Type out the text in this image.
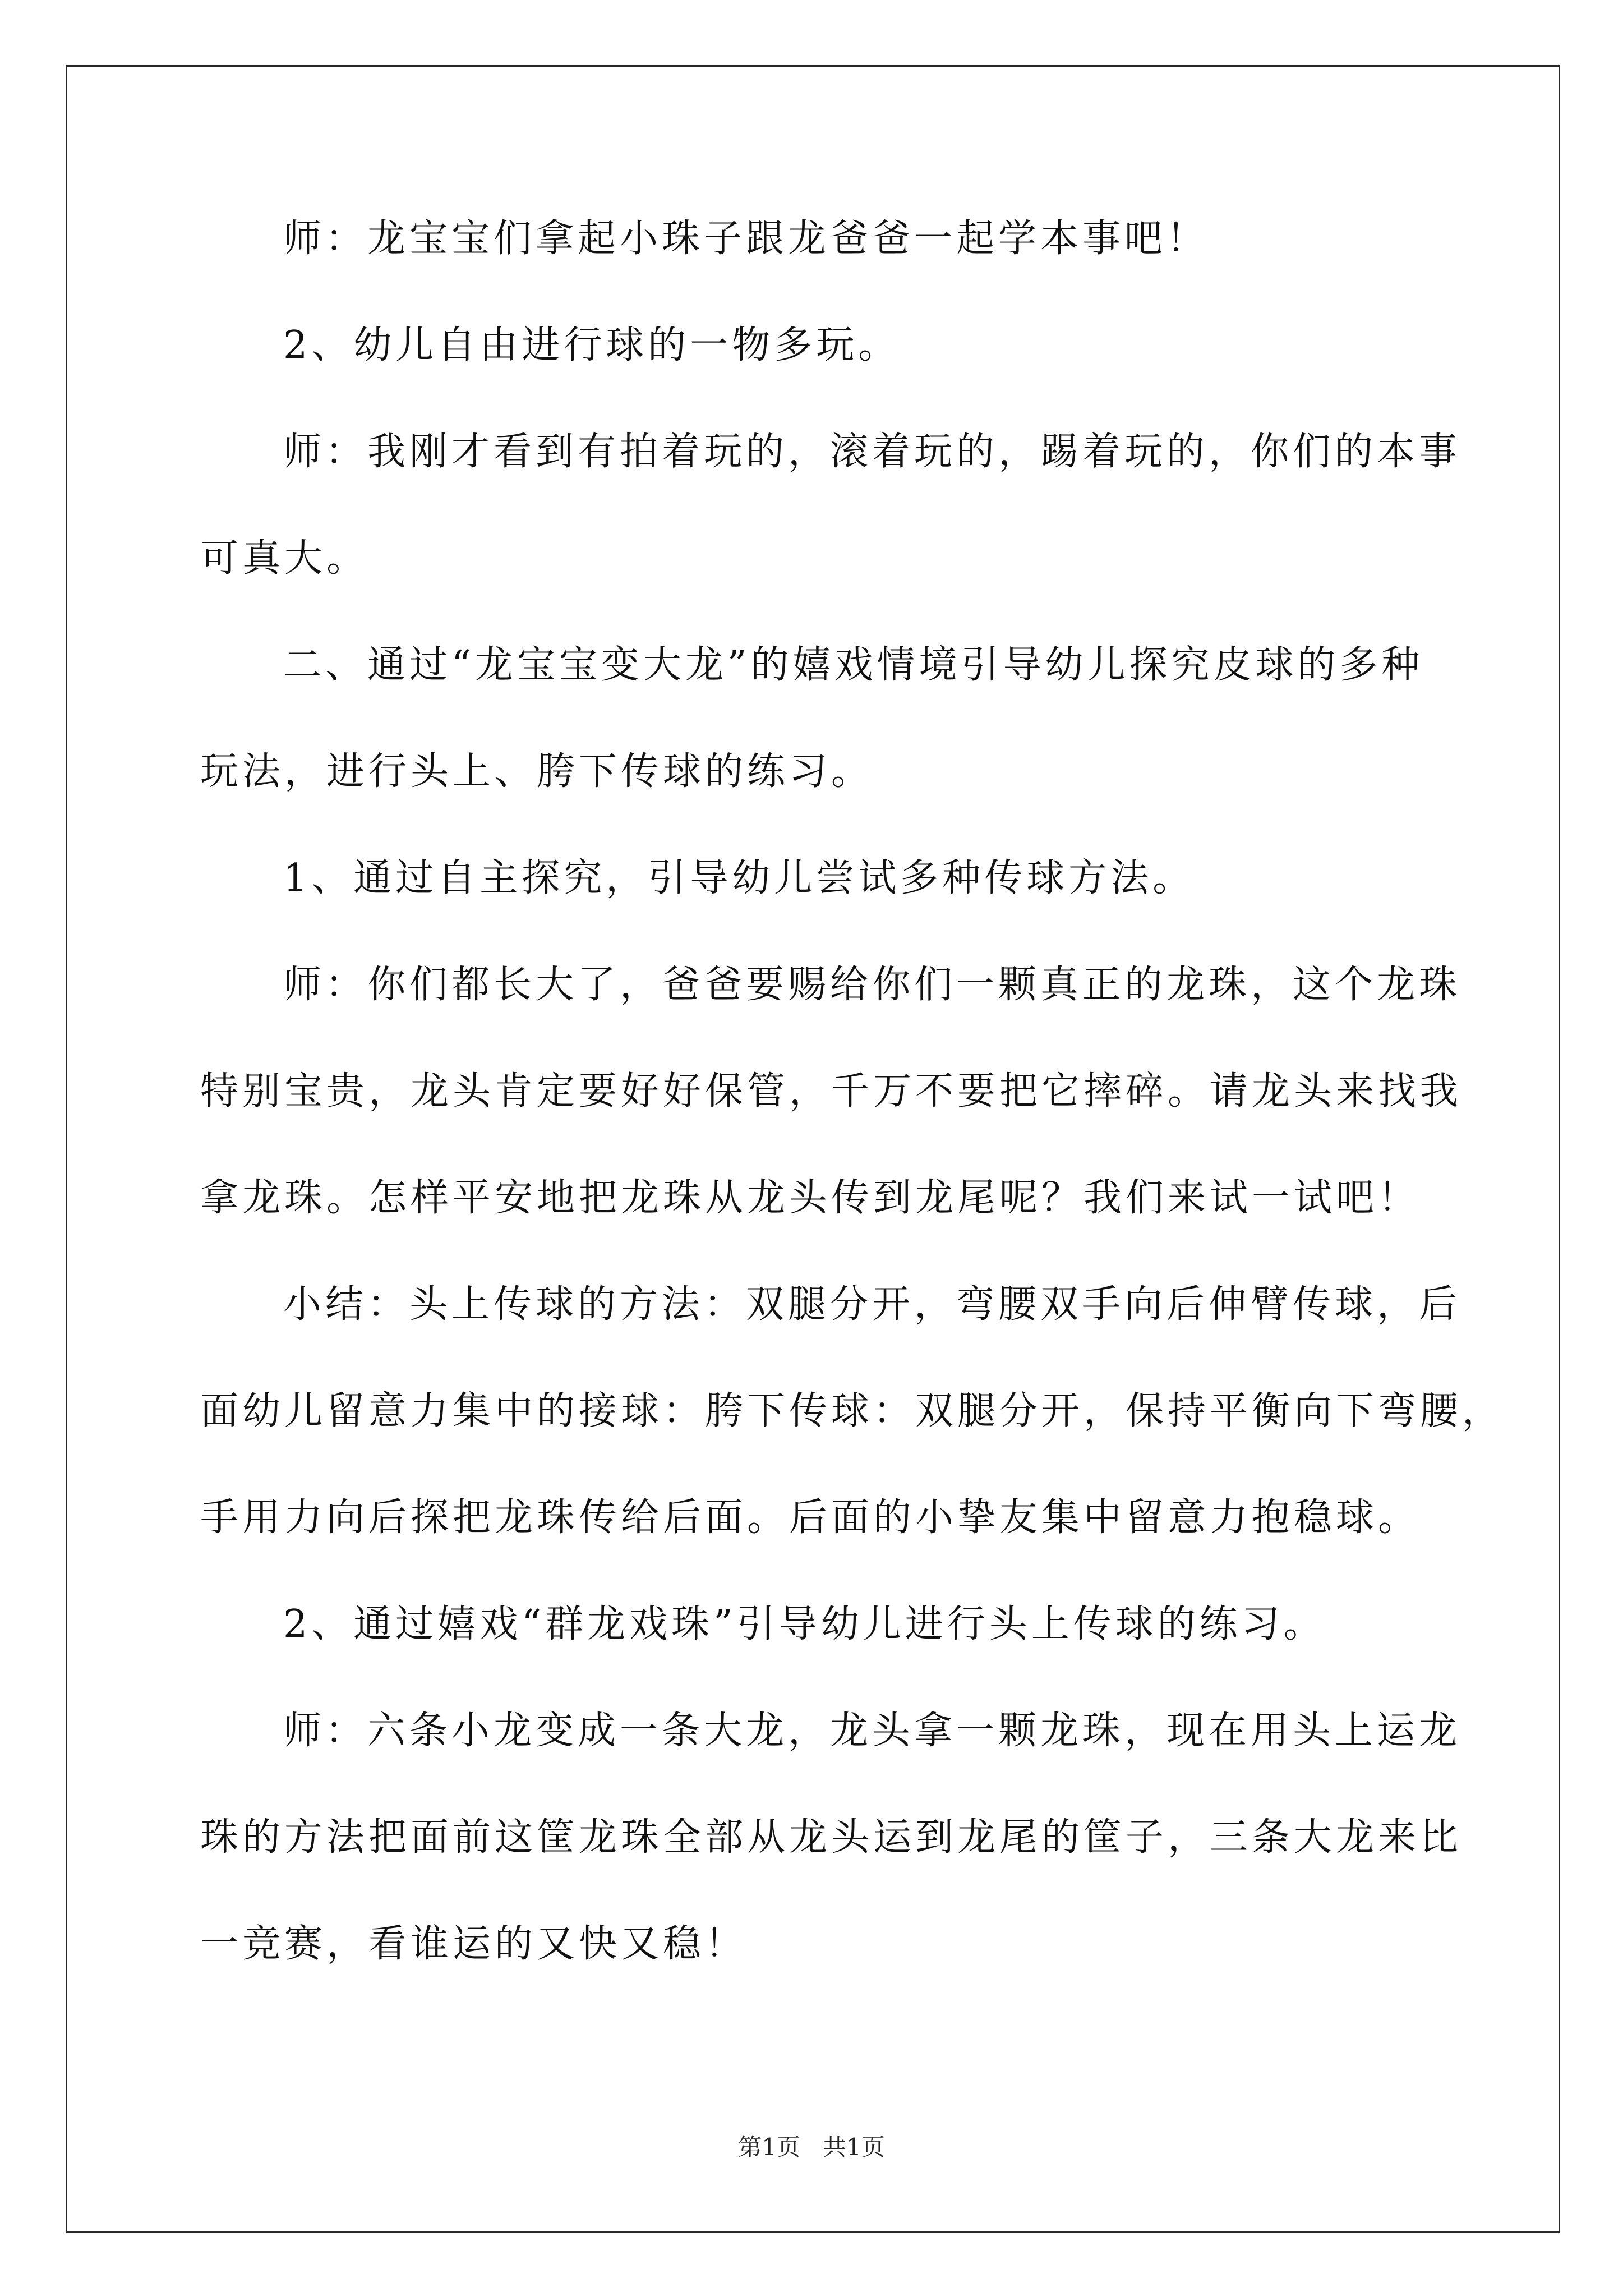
师：龙宝宝们拿起小珠子跟龙爸爸一起学本事吧！
2、幼儿自由进行球的一物多玩。
师：我刚才看到有拍着玩的，滚着玩的，踢着玩的，你们的本事
可真大。
二、通过“龙宝宝变大龙”的嬉戏情境引导幼儿探究皮球的多种
玩法，进行头上、胯下传球的练习。
1、通过自主探究，引导幼儿尝试多种传球方法。
师：你们都长大了，爸爸要赐给你们一颗真正的龙珠，这个龙珠
特别宝贵，龙头肯定要好好保管，千万不要把它摔碎。请龙头来找我
拿龙珠。怎样平安地把龙珠从龙头传到龙尾呢？我们来试一试吧！
小结：头上传球的方法：双腿分开，弯腰双手向后伸臂传球，后
面幼儿留意力集中的接球：胯下传球：双腿分开，保持平衡向下弯腰，
手用力向后探把龙珠传给后面。后面的小挚友集中留意力抱稳球。
2、通过嬉戏“群龙戏珠”引导幼儿进行头上传球的练习。
师：六条小龙变成一条大龙，龙头拿一颗龙珠，现在用头上运龙
珠的方法把面前这筐龙珠全部从龙头运到龙尾的筐子，三条大龙来比
一竞赛，看谁运的又快又稳！
第1页 共1页
